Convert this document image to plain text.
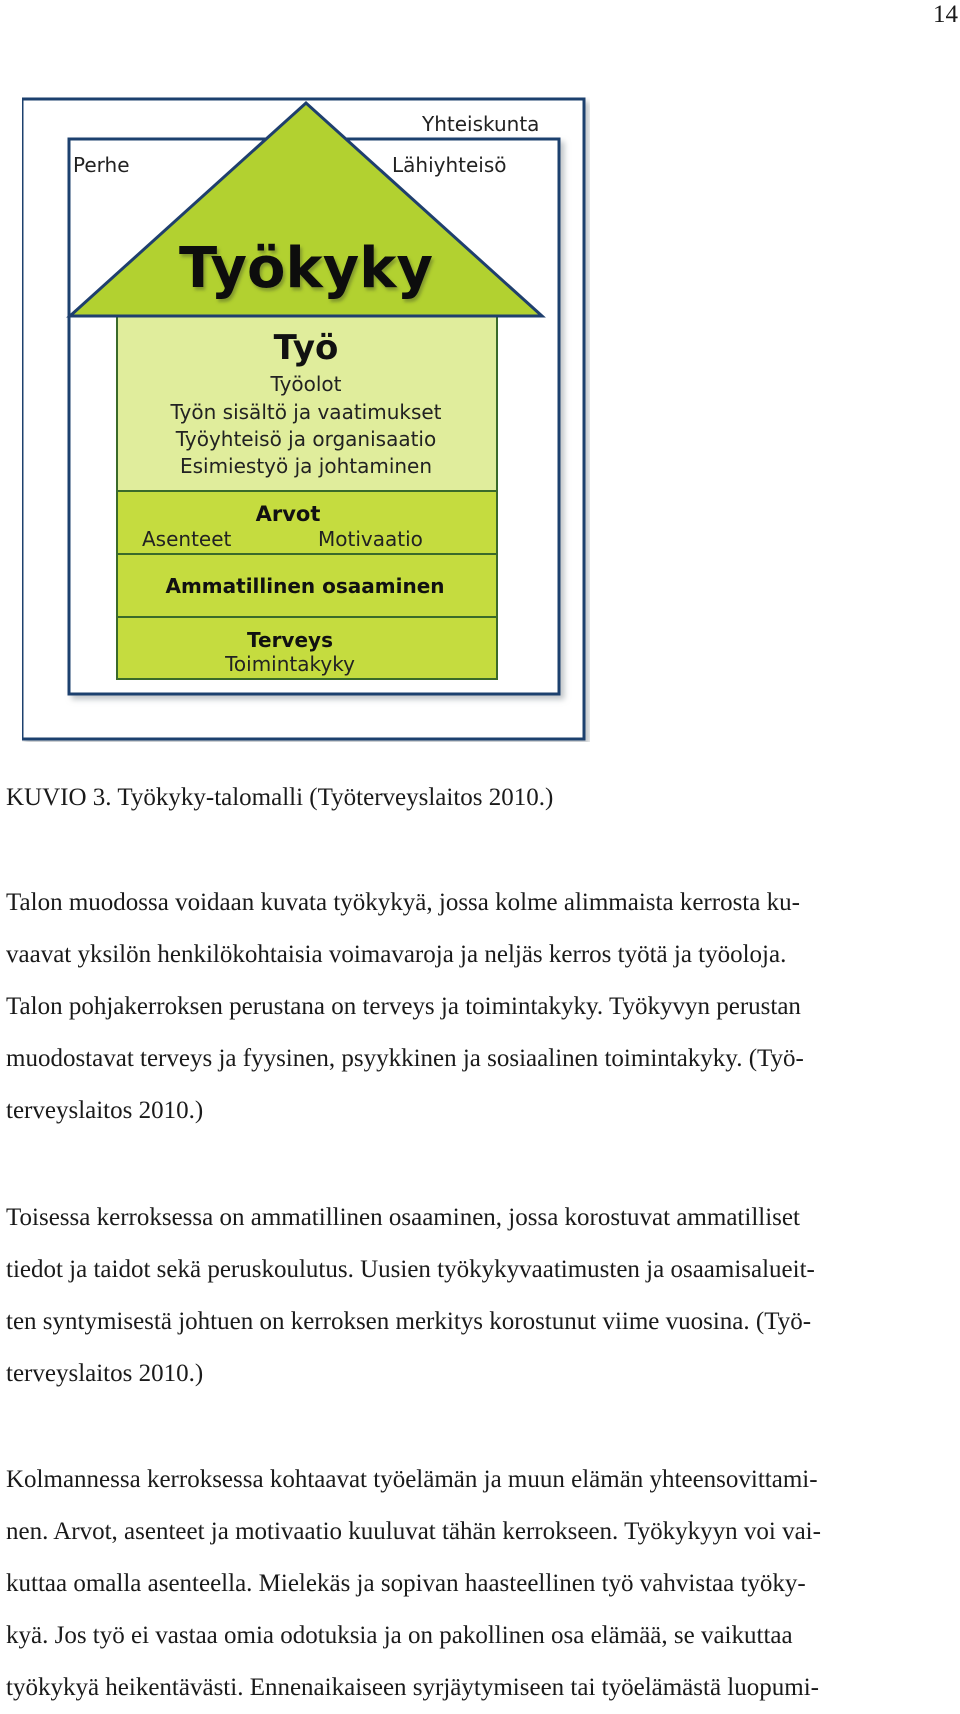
14
Yhteiskunta
Perhe	Lähiyhteisö
Työkyky
Työ
Työolot
Työn sisältö ja vaatimukset
Työyhteisö ja organisaatio
Esimiestyö ja johtaminen
Arvot
Asenteet	Motivaatio
Ammatillinen osaaminen
Terveys
Toimintakyky
KUVIO 3. Työkyky-talomalli (Työterveyslaitos 2010.)

Talon muodossa voidaan kuvata työkykyä, jossa kolme alimmaista kerrosta ku-
vaavat yksilön henkilökohtaisia voimavaroja ja neljäs kerros työtä ja työoloja.
Talon pohjakerroksen perustana on terveys ja toimintakyky. Työkyvyn perustan
muodostavat terveys ja fyysinen, psyykkinen ja sosiaalinen toimintakyky. (Työ-
terveyslaitos 2010.)

Toisessa kerroksessa on ammatillinen osaaminen, jossa korostuvat ammatilliset
tiedot ja taidot sekä peruskoulutus. Uusien työkykyvaatimusten ja osaamisalueit-
ten syntymisestä johtuen on kerroksen merkitys korostunut viime vuosina. (Työ-
terveyslaitos 2010.)

Kolmannessa kerroksessa kohtaavat työelämän ja muun elämän yhteensovittami-
nen. Arvot, asenteet ja motivaatio kuuluvat tähän kerrokseen. Työkykyyn voi vai-
kuttaa omalla asenteella. Mielekäs ja sopivan haasteellinen työ vahvistaa työky-
kyä. Jos työ ei vastaa omia odotuksia ja on pakollinen osa elämää, se vaikuttaa
työkykyä heikentävästi. Ennenaikaiseen syrjäytymiseen tai työelämästä luopumi-
